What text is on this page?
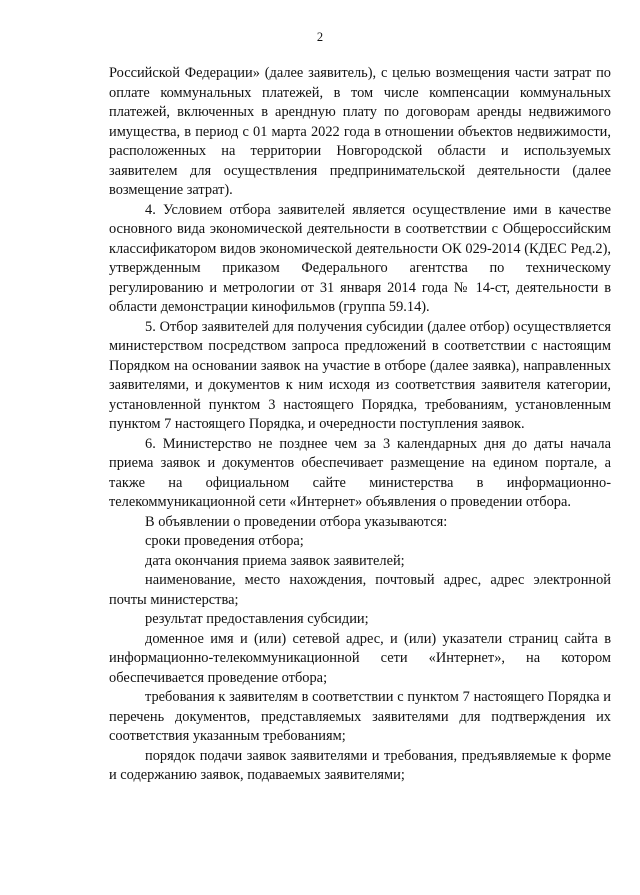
2

Российской Федерации» (далее заявитель), с целью возмещения части затрат по оплате коммунальных платежей, в том числе компенсации коммунальных платежей, включенных в арендную плату по договорам аренды недвижимого имущества, в период с 01 марта 2022 года в отношении объектов недвижимости, расположенных на территории Новгородской области и используемых заявителем для осуществления предпринимательской деятельности (далее возмещение затрат).

4. Условием отбора заявителей является осуществление ими в качестве основного вида экономической деятельности в соответствии с Общероссийским классификатором видов экономической деятельности ОК 029-2014 (КДЕС Ред.2), утвержденным приказом Федерального агентства по техническому регулированию и метрологии от 31 января 2014 года № 14-ст, деятельности в области демонстрации кинофильмов (группа 59.14).

5. Отбор заявителей для получения субсидии (далее отбор) осуществляется министерством посредством запроса предложений в соответствии с настоящим Порядком на основании заявок на участие в отборе (далее заявка), направленных заявителями, и документов к ним исходя из соответствия заявителя категории, установленной пунктом 3 настоящего Порядка, требованиям, установленным пунктом 7 настоящего Порядка, и очередности поступления заявок.

6. Министерство не позднее чем за 3 календарных дня до даты начала приема заявок и документов обеспечивает размещение на едином портале, а также на официальном сайте министерства в информационно-телекоммуникационной сети «Интернет» объявления о проведении отбора.

В объявлении о проведении отбора указываются:

сроки проведения отбора;

дата окончания приема заявок заявителей;

наименование, место нахождения, почтовый адрес, адрес электронной почты министерства;

результат предоставления субсидии;

доменное имя и (или) сетевой адрес, и (или) указатели страниц сайта в информационно-телекоммуникационной сети «Интернет», на котором обеспечивается проведение отбора;

требования к заявителям в соответствии с пунктом 7 настоящего Порядка и перечень документов, представляемых заявителями для подтверждения их соответствия указанным требованиям;

порядок подачи заявок заявителями и требования, предъявляемые к форме и содержанию заявок, подаваемых заявителями;
